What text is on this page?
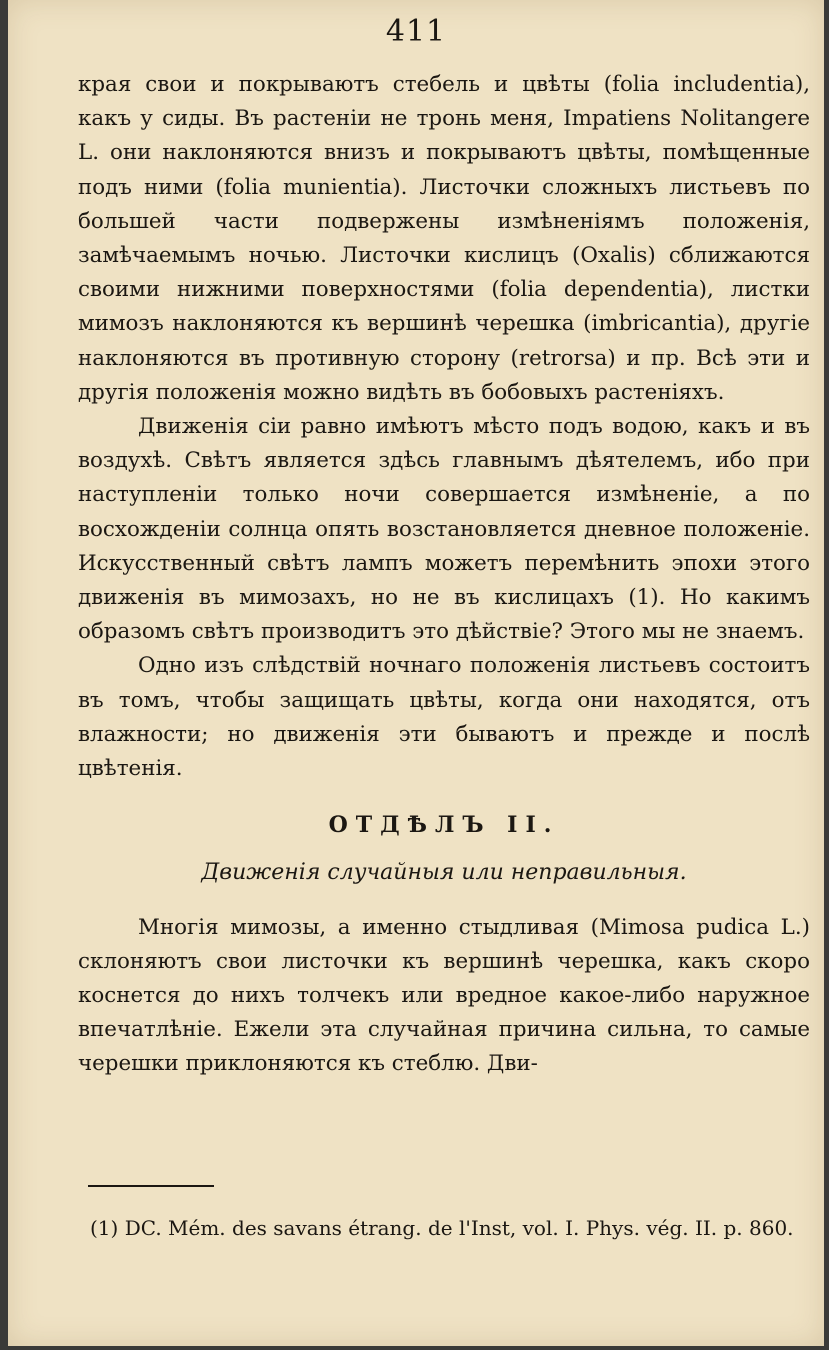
411

края свои и покрываютъ стебель и цвѣты (folia includentia), какъ у сиды. Въ растеніи не тронь меня, Impatiens Nolitangere L. они наклоняются внизъ и покрываютъ цвѣты, помѣщенные подъ ними (folia munientia). Листочки сложныхъ листьевъ по большей части подвержены измѣненіямъ положенія, замѣчаемымъ ночью. Листочки кислицъ (Oxalis) сближаются своими нижними поверхностями (folia dependentia), листки мимозъ наклоняются къ вершинѣ черешка (imbricantia), другіе наклоняются въ противную сторону (retrorsa) и пр. Всѣ эти и другія положенія можно видѣть въ бобовыхъ растеніяхъ.

Движенія сіи равно имѣютъ мѣсто подъ водою, какъ и въ воздухѣ. Свѣтъ является здѣсь главнымъ дѣятелемъ, ибо при наступленіи только ночи совершается измѣненіе, а по восхожденіи солнца опять возстановляется дневное положеніе. Искусственный свѣтъ лампъ можетъ перемѣнить эпохи этого движенія въ мимозахъ, но не въ кислицахъ (1). Но какимъ образомъ свѣтъ производитъ это дѣйствіе? Этого мы не знаемъ.

Одно изъ слѣдствій ночнаго положенія листьевъ состоитъ въ томъ, чтобы защищать цвѣты, когда они находятся, отъ влажности; но движенія эти бываютъ и прежде и послѣ цвѣтенія.

ОТДѢЛЪ II.
Движенія случайныя или неправильныя.

Многія мимозы, а именно стыдливая (Mimosa pudica L.) склоняютъ свои листочки къ вершинѣ черешка, какъ скоро коснется до нихъ толчекъ или вредное какое-либо наружное впечатлѣніе. Ежели эта случайная причина сильна, то самые черешки приклоняются къ стеблю. Дви-

(1) DC. Mém. des savans étrang. de l'Inst, vol. I. Phys. vég. II. p. 860.
